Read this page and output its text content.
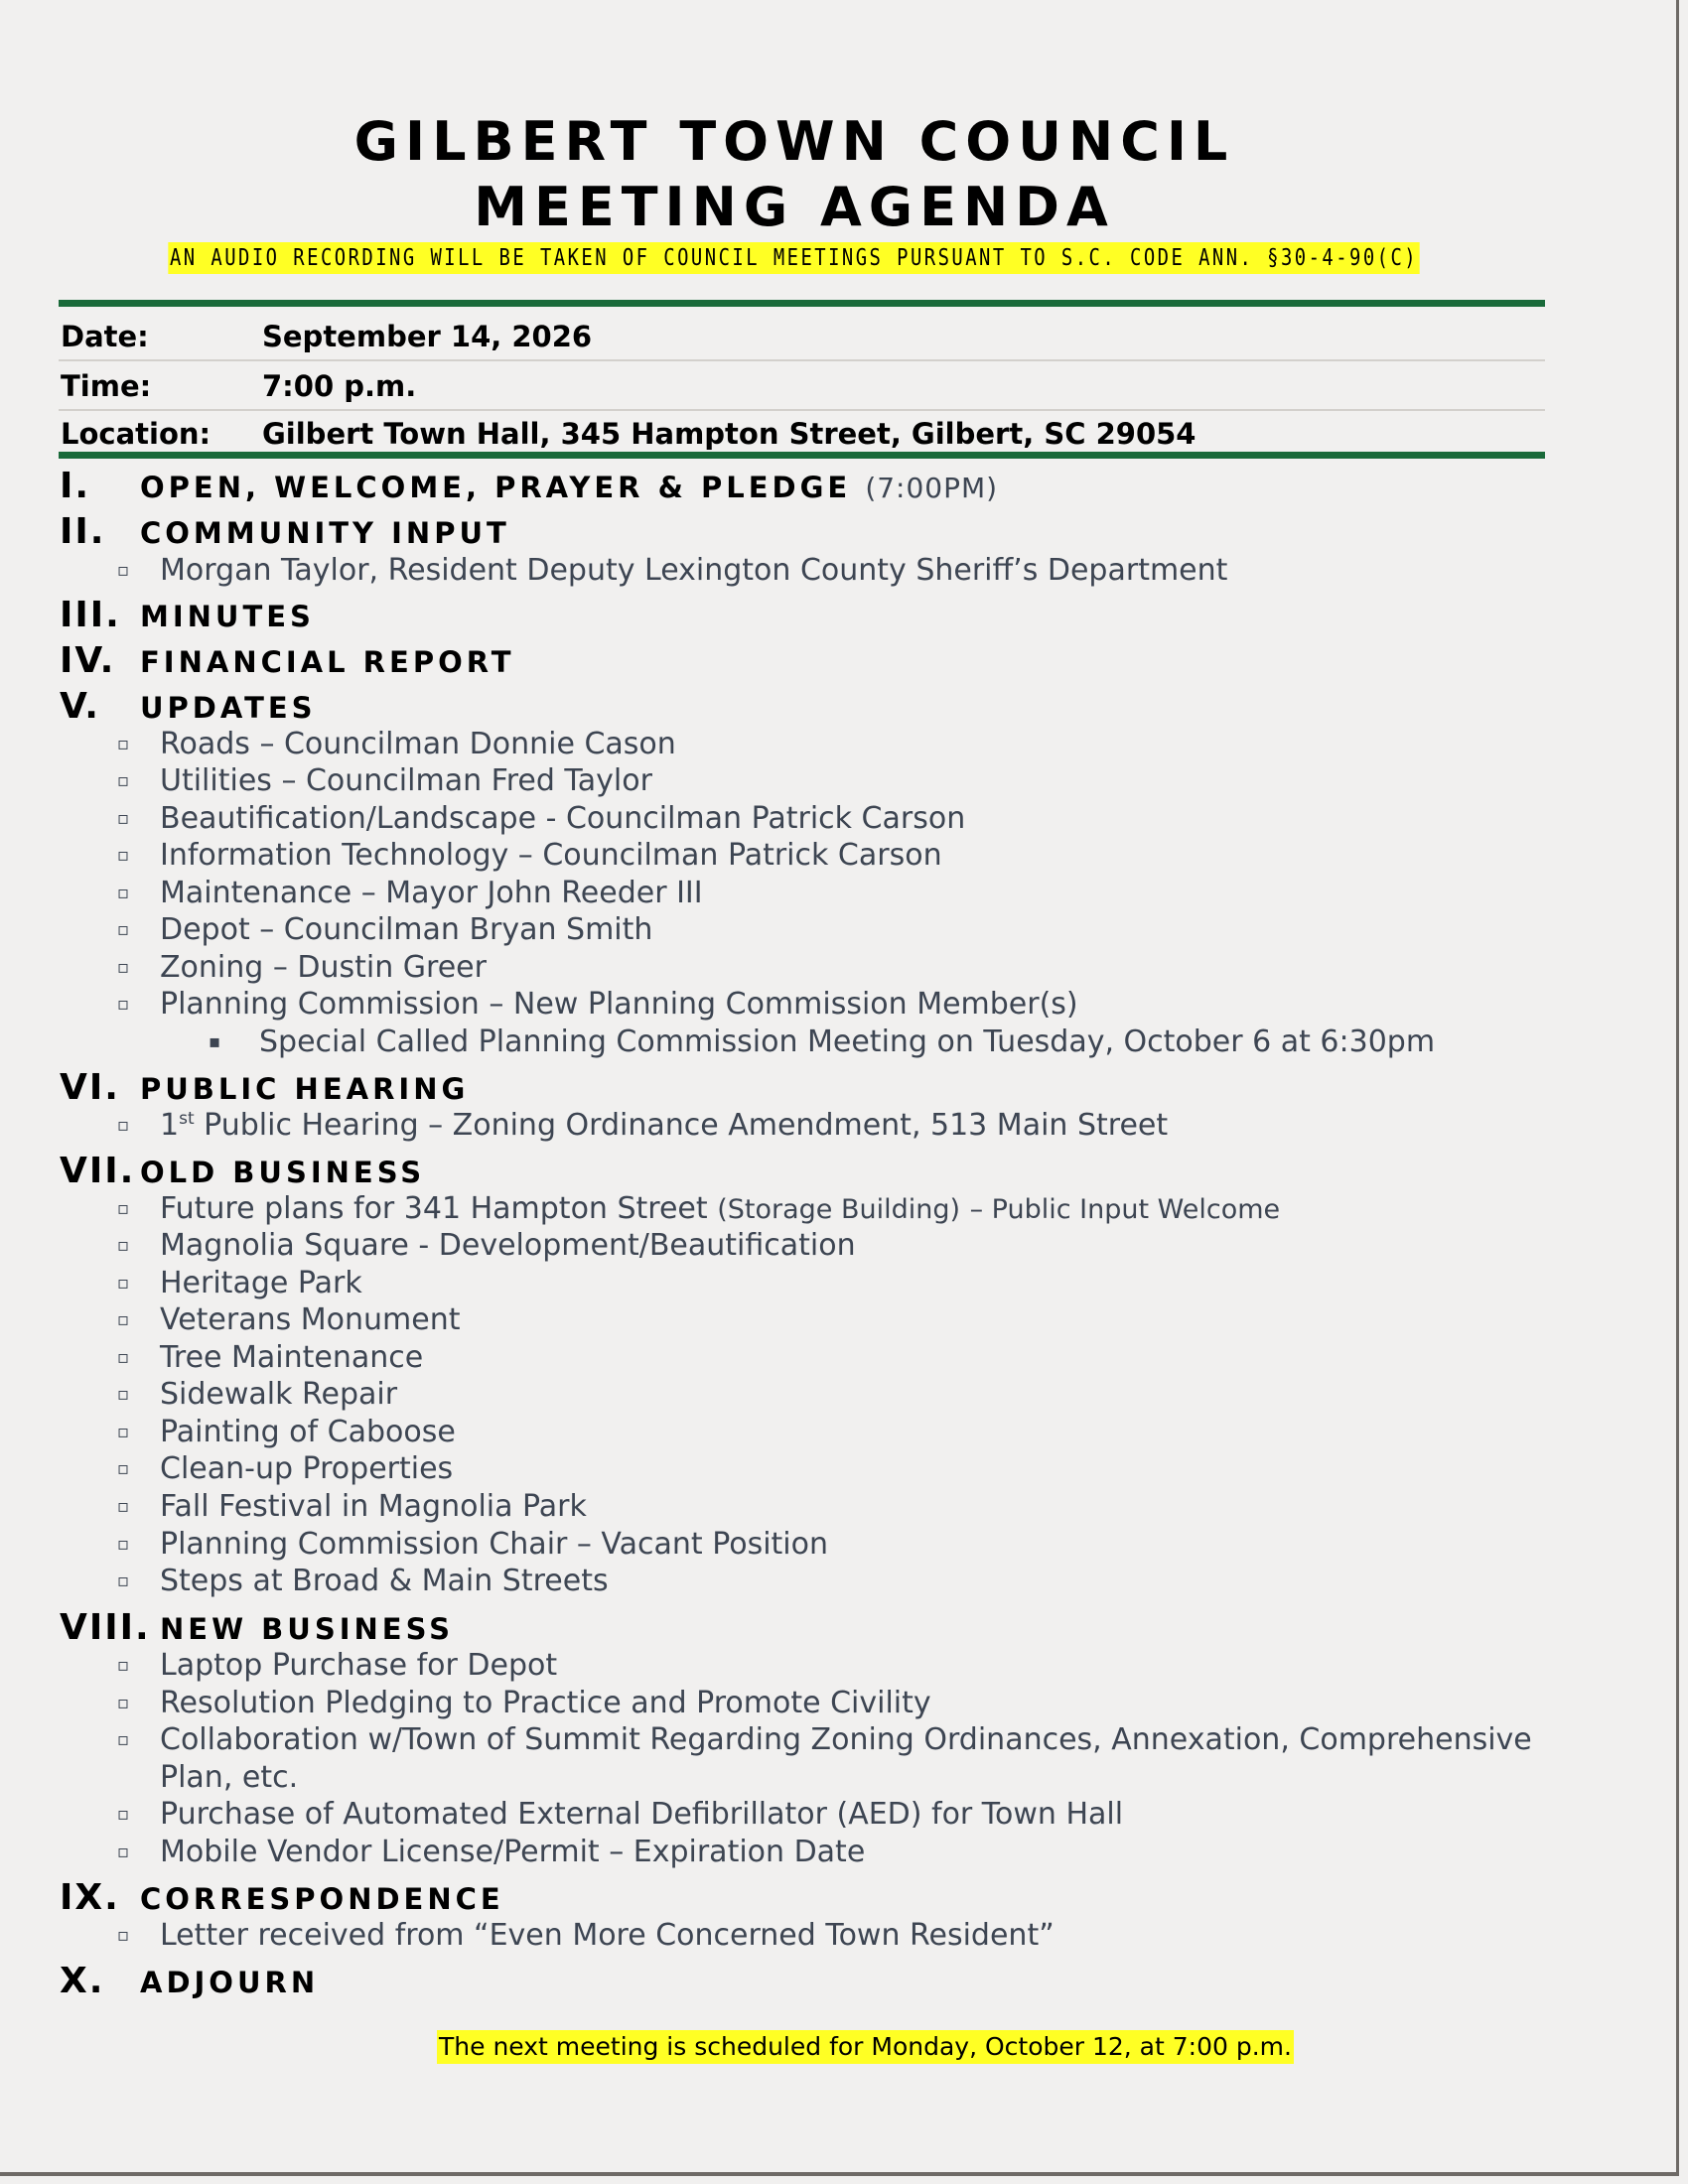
GILBERT TOWN COUNCIL
MEETING AGENDA
AN AUDIO RECORDING WILL BE TAKEN OF COUNCIL MEETINGS PURSUANT TO S.C. CODE ANN. §30-4-90(C)
Date:	September 14, 2026
Time:	7:00 p.m.
Location: Gilbert Town Hall, 345 Hampton Street, Gilbert, SC 29054
I. OPEN, WELCOME, PRAYER & PLEDGE (7:00PM)
II. COMMUNITY INPUT
▫ Morgan Taylor, Resident Deputy Lexington County Sheriff’s Department
III. MINUTES
IV. FINANCIAL REPORT
V. UPDATES
▫ Roads – Councilman Donnie Cason
▫ Utilities – Councilman Fred Taylor
▫ Beautification/Landscape - Councilman Patrick Carson
▫ Information Technology – Councilman Patrick Carson
▫ Maintenance – Mayor John Reeder III
▫ Depot – Councilman Bryan Smith
▫ Zoning – Dustin Greer
▫ Planning Commission – New Planning Commission Member(s)
▪ Special Called Planning Commission Meeting on Tuesday, October 6 at 6:30pm
VI. PUBLIC HEARING
▫ 1st Public Hearing – Zoning Ordinance Amendment, 513 Main Street
VII. OLD BUSINESS
▫ Future plans for 341 Hampton Street (Storage Building) – Public Input Welcome
▫ Magnolia Square - Development/Beautification
▫ Heritage Park
▫ Veterans Monument
▫ Tree Maintenance
▫ Sidewalk Repair
▫ Painting of Caboose
▫ Clean-up Properties
▫ Fall Festival in Magnolia Park
▫ Planning Commission Chair – Vacant Position
▫ Steps at Broad & Main Streets
VIII. NEW BUSINESS
▫ Laptop Purchase for Depot
▫ Resolution Pledging to Practice and Promote Civility
▫ Collaboration w/Town of Summit Regarding Zoning Ordinances, Annexation, Comprehensive
Plan, etc.
▫ Purchase of Automated External Defibrillator (AED) for Town Hall
▫ Mobile Vendor License/Permit – Expiration Date
IX. CORRESPONDENCE
▫ Letter received from “Even More Concerned Town Resident”
X. ADJOURN
The next meeting is scheduled for Monday, October 12, at 7:00 p.m.
